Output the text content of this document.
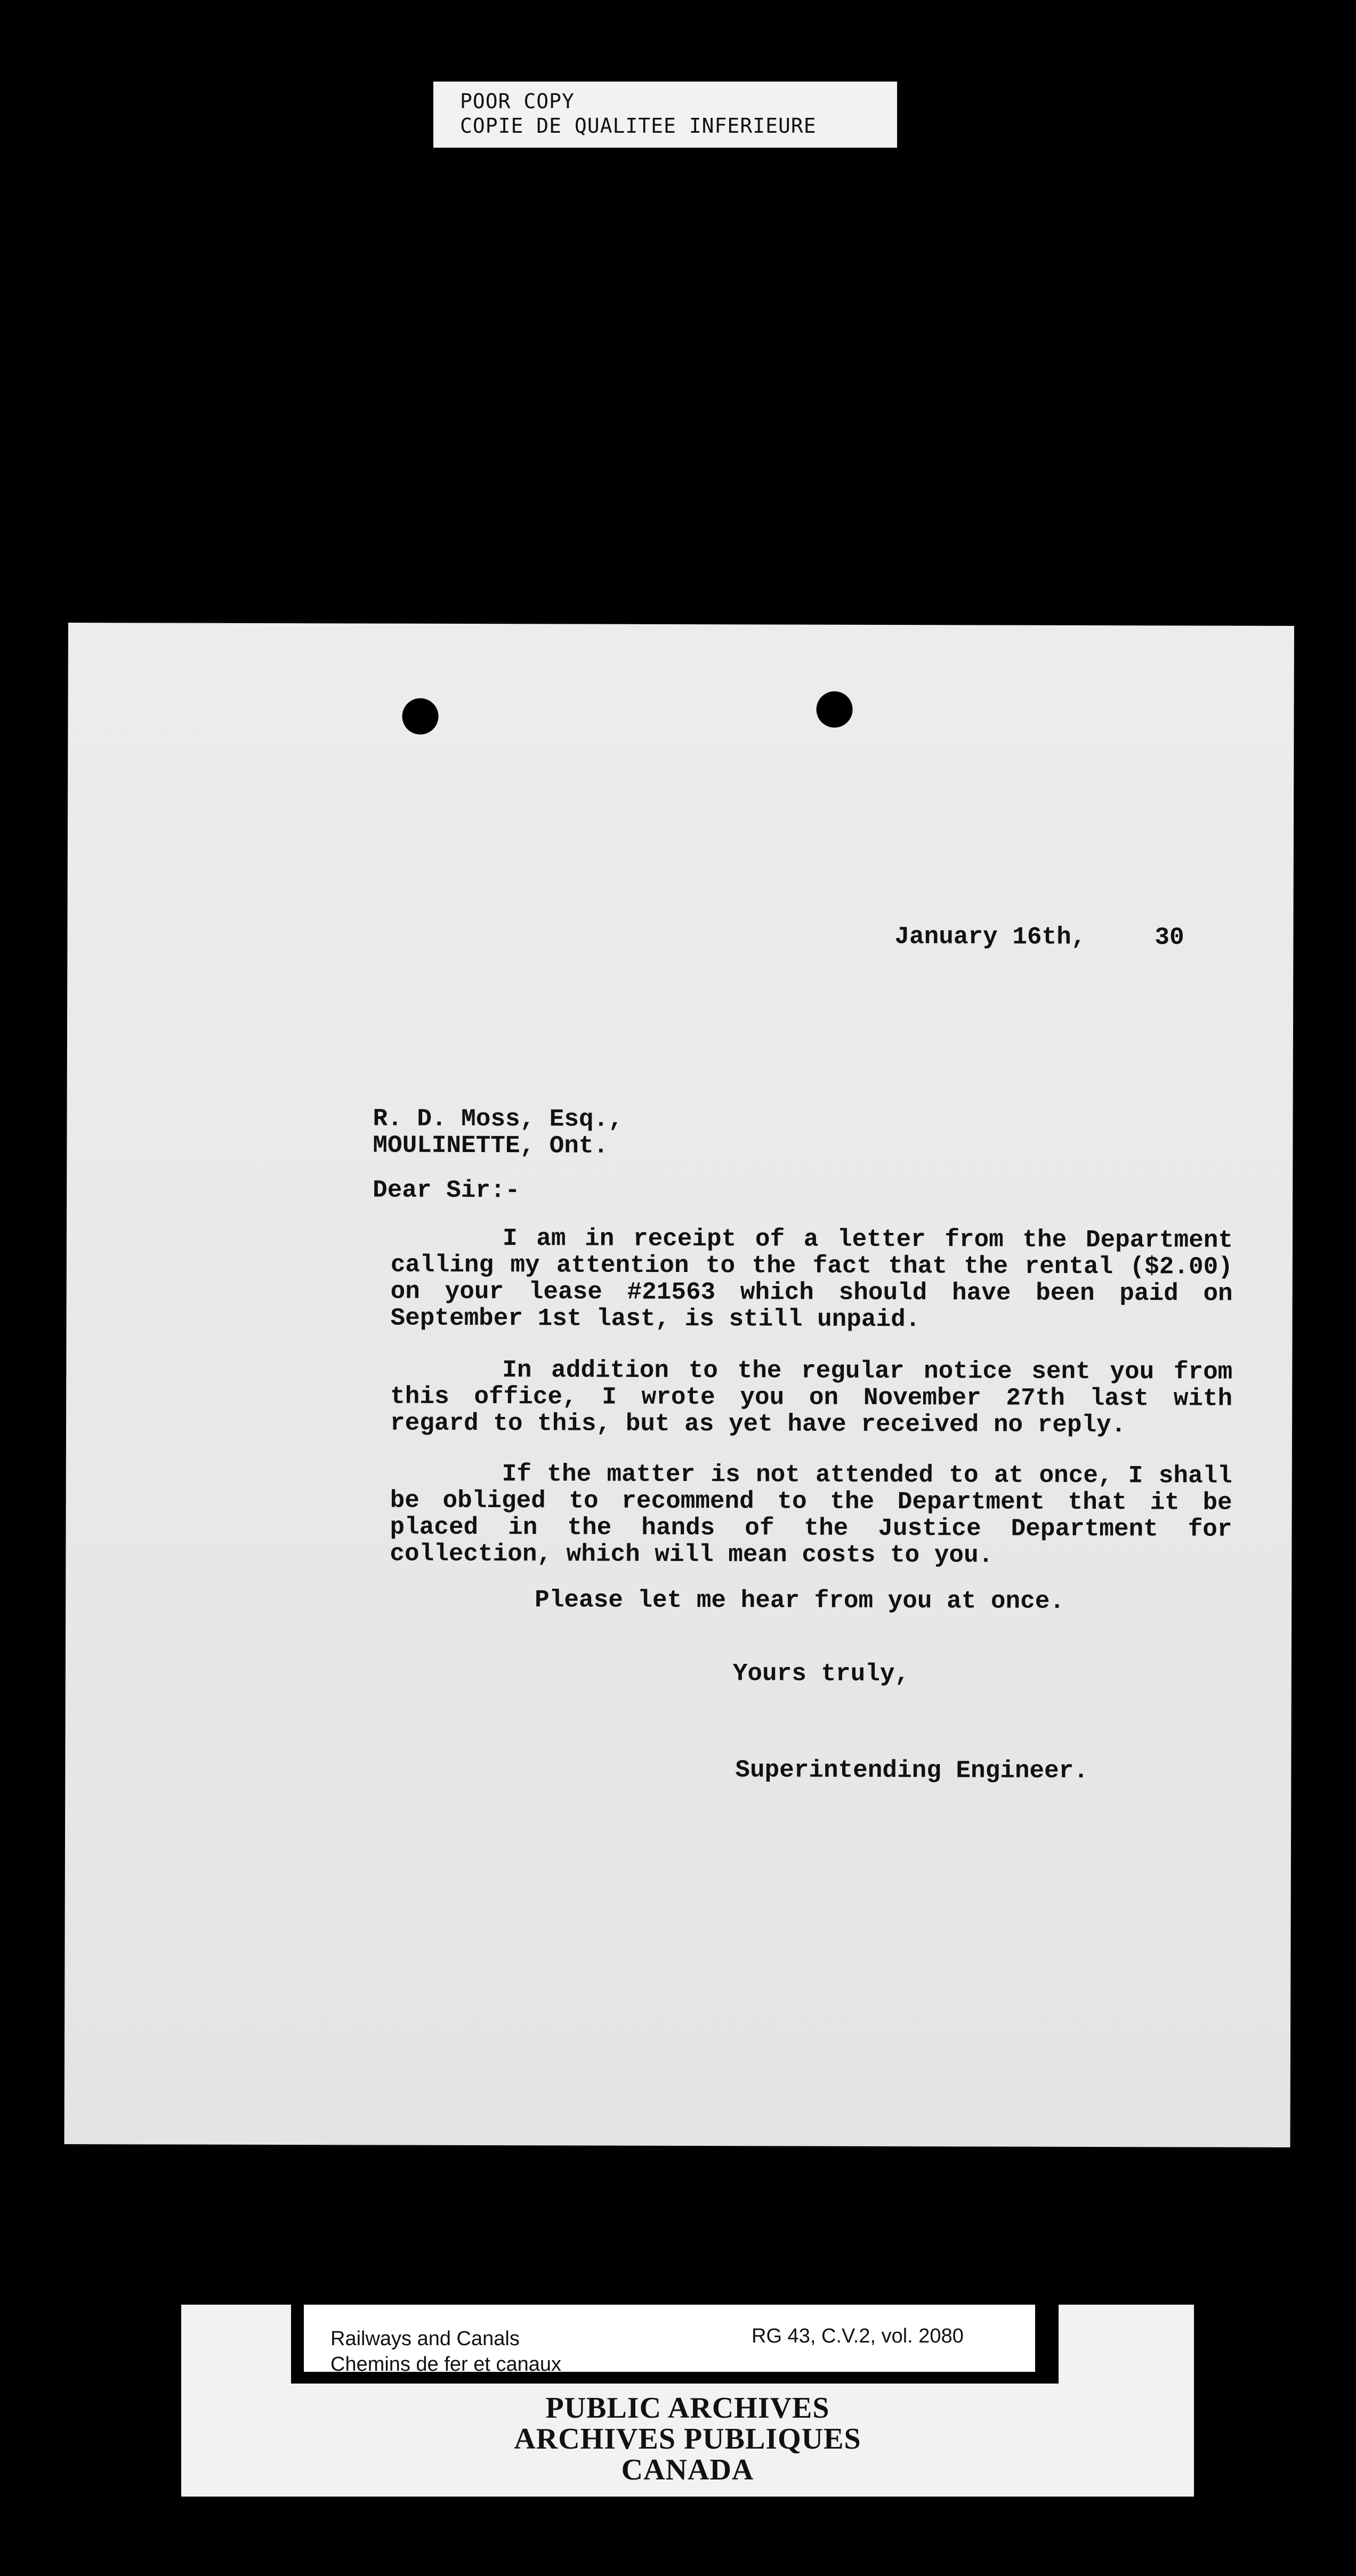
POOR COPY
COPIE DE QUALITEE INFERIEURE
​
January 16th,	30
R. D. Moss, Esq.,
MOULINETTE, Ont.
Dear Sir:-
I am in receipt of a letter from the Department calling my attention to the fact that the rental ($2.00) on your lease #21563 which should have been paid on September 1st last, is still unpaid.
In addition to the regular notice sent you from this office, I wrote you on November 27th last with regard to this, but as yet have received no reply.
If the matter is not attended to at once, I shall be obliged to recommend to the Department that it be placed in the hands of the Justice Department for collection, which will mean costs to you.
Please let me hear from you at once.
Yours truly,
Superintending Engineer.
Railways and Canals
Chemins de fer et canaux
RG 43, C.V.2, vol. 2080
PUBLIC ARCHIVES
ARCHIVES PUBLIQUES
CANADA
